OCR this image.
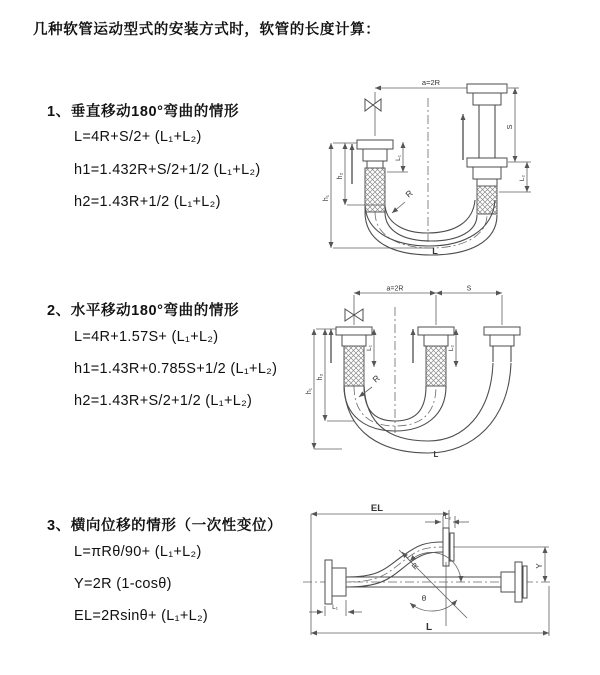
几种软管运动型式的安装方式时，软管的长度计算：
1、垂直移动180°弯曲的情形
L=4R+S/2+ (L₁+L₂)
h1=1.432R+S/2+1/2 (L₁+L₂)
h2=1.43R+1/2 (L₁+L₂)
a=2R
L₁
h₁
h₂
S
L₂
R
L
2、水平移动180°弯曲的情形
L=4R+1.57S+ (L₁+L₂)
h1=1.43R+0.785S+1/2 (L₁+L₂)
h2=1.43R+S/2+1/2 (L₁+L₂)
a=2R	S
L₁	L₂
h₁
h₂	R
L
3、横向位移的情形（一次性变位）
L=πRθ/90+ (L₁+L₂)
Y=2R (1-cosθ)
EL=2Rsinθ+ (L₁+L₂)
EL
L₂
Y
θ
R
L₁
L
